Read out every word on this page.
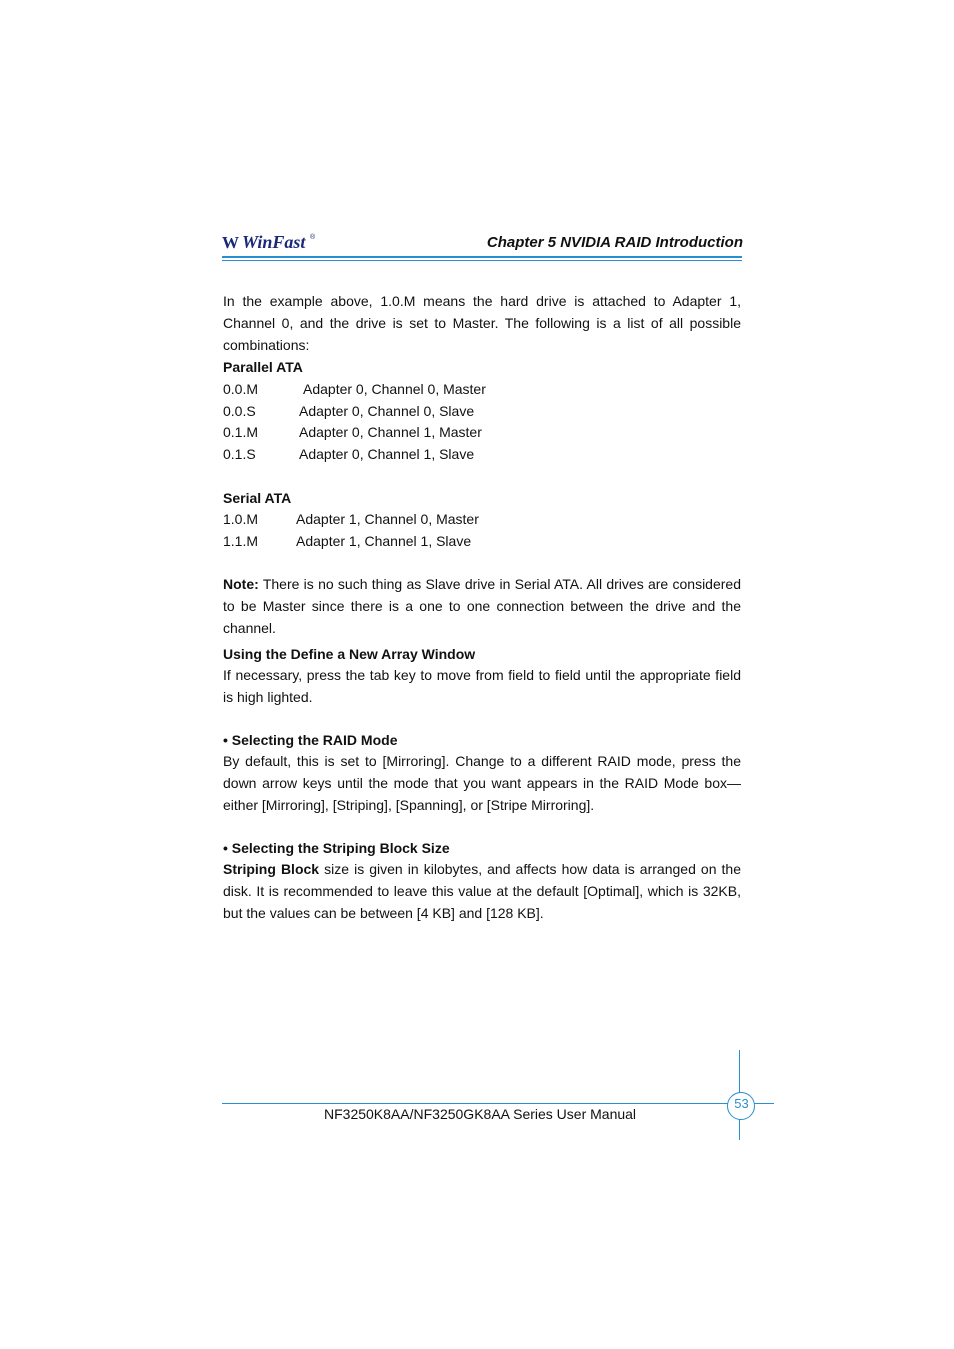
W WinFast ®	Chapter 5 NVIDIA RAID Introduction
In the example above, 1.0.M means the hard drive is attached to Adapter 1, Channel 0, and the drive is set to Master. The following is a list of all possible combinations:
Parallel ATA
0.0.M	Adapter 0, Channel 0, Master
0.0.S	Adapter 0, Channel 0, Slave
0.1.M	Adapter 0, Channel 1, Master
0.1.S	Adapter 0, Channel 1, Slave
Serial ATA
1.0.M	Adapter 1, Channel 0, Master
1.1.M	Adapter 1, Channel 1, Slave
Note: There is no such thing as Slave drive in Serial ATA. All drives are considered to be Master since there is a one to one connection between the drive and the channel.
Using the Define a New Array Window
If necessary, press the tab key to move from field to field until the appropriate field is high lighted.
• Selecting the RAID Mode
By default, this is set to [Mirroring]. Change to a different RAID mode, press the down arrow keys until the mode that you want appears in the RAID Mode box—either [Mirroring], [Striping], [Spanning], or [Stripe Mirroring].
• Selecting the Striping Block Size
Striping Block size is given in kilobytes, and affects how data is arranged on the disk. It is recommended to leave this value at the default [Optimal], which is 32KB, but the values can be between [4 KB] and [128 KB].
53
NF3250K8AA/NF3250GK8AA Series User Manual
